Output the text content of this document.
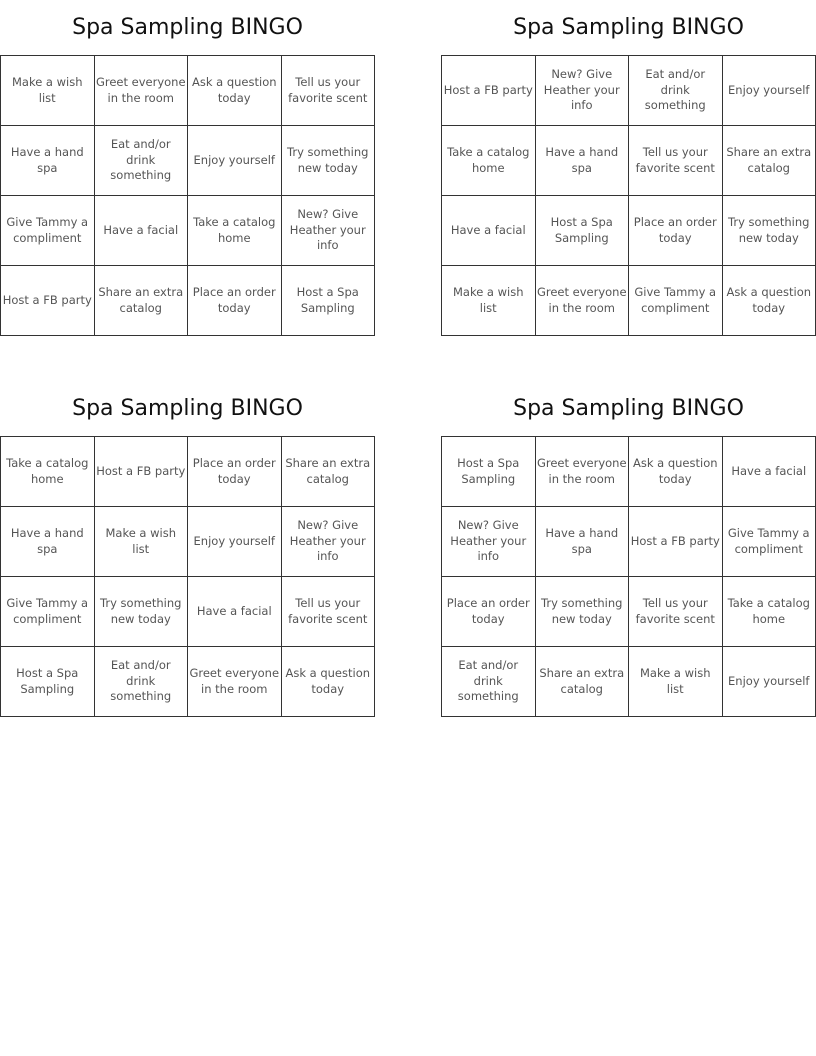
Spa Sampling BINGO
Make a wish list
Greet everyone in the room
Ask a question today
Tell us your favorite scent
Have a hand spa
Eat and/or drink something
Enjoy yourself
Try something new today
Give Tammy a compliment
Have a facial
Take a catalog home
New? Give Heather your info
Host a FB party
Share an extra catalog
Place an order today
Host a Spa Sampling
Spa Sampling BINGO
Host a FB party
New? Give Heather your info
Eat and/or drink something
Enjoy yourself
Take a catalog home
Have a hand spa
Tell us your favorite scent
Share an extra catalog
Have a facial
Host a Spa Sampling
Place an order today
Try something new today
Make a wish list
Greet everyone in the room
Give Tammy a compliment
Ask a question today
Spa Sampling BINGO
Take a catalog home
Host a FB party
Place an order today
Share an extra catalog
Have a hand spa
Make a wish list
Enjoy yourself
New? Give Heather your info
Give Tammy a compliment
Try something new today
Have a facial
Tell us your favorite scent
Host a Spa Sampling
Eat and/or drink something
Greet everyone in the room
Ask a question today
Spa Sampling BINGO
Host a Spa Sampling
Greet everyone in the room
Ask a question today
Have a facial
New? Give Heather your info
Have a hand spa
Host a FB party
Give Tammy a compliment
Place an order today
Try something new today
Tell us your favorite scent
Take a catalog home
Eat and/or drink something
Share an extra catalog
Make a wish list
Enjoy yourself
